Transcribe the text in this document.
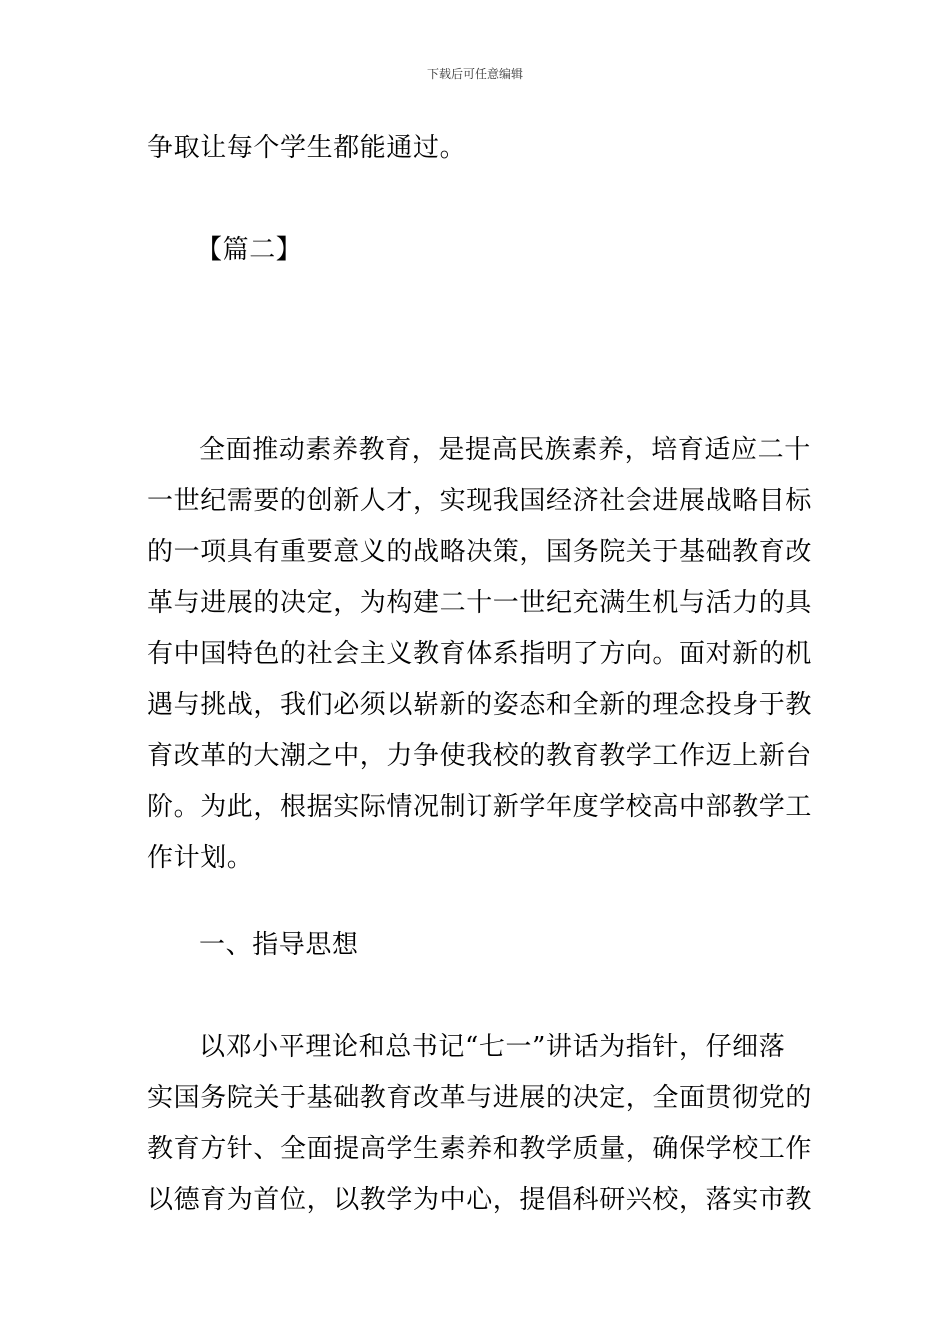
下载后可任意编辑
争取让每个学生都能通过。
【篇二】
全面推动素养教育，是提高民族素养，培育适应二十
一世纪需要的创新人才，实现我国经济社会进展战略目标
的一项具有重要意义的战略决策，国务院关于基础教育改
革与进展的决定，为构建二十一世纪充满生机与活力的具
有中国特色的社会主义教育体系指明了方向。面对新的机
遇与挑战，我们必须以崭新的姿态和全新的理念投身于教
育改革的大潮之中，力争使我校的教育教学工作迈上新台
阶。为此，根据实际情况制订新学年度学校高中部教学工
作计划。
一、指导思想
以邓小平理论和总书记“七一”讲话为指针，仔细落
实国务院关于基础教育改革与进展的决定，全面贯彻党的
教育方针、全面提高学生素养和教学质量，确保学校工作
以德育为首位，以教学为中心，提倡科研兴校，落实市教
